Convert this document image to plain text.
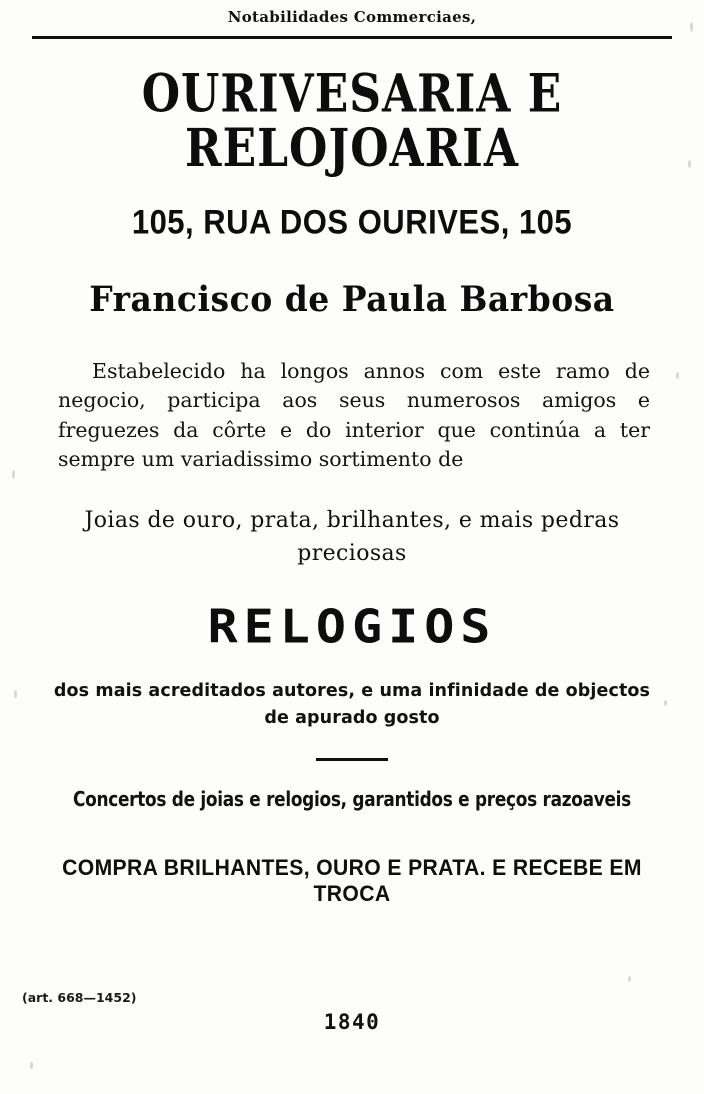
Notabilidades Commerciaes,
OURIVESARIA E RELOJOARIA
105, RUA DOS OURIVES, 105
Francisco de Paula Barbosa
Estabelecido ha longos annos com este ramo de negocio, participa aos seus numerosos amigos e freguezes da côrte e do interior que continúa a ter sempre um variadissimo sortimento de
Joias de ouro, prata, brilhantes, e mais pedras preciosas
RELOGIOS
dos mais acreditados autores, e uma infinidade de objectos de apurado gosto
Concertos de joias e relogios, garantidos e preços razoaveis
COMPRA BRILHANTES, OURO E PRATA. E RECEBE EM TROCA
(art. 668—1452)
1840
